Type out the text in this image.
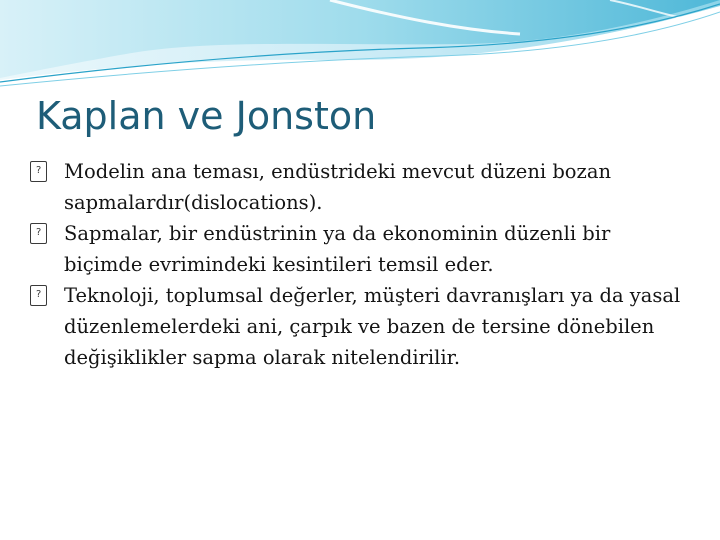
Kaplan ve Jonston
? Modelin ana teması, endüstrideki mevcut düzeni bozan sapmalardır(dislocations).
? Sapmalar, bir endüstrinin ya da ekonominin düzenli bir biçimde evrimindeki kesintileri temsil eder.
? Teknoloji, toplumsal değerler, müşteri davranışları ya da yasal düzenlemelerdeki ani, çarpık ve bazen de tersine dönebilen değişiklikler sapma olarak nitelendirilir.
